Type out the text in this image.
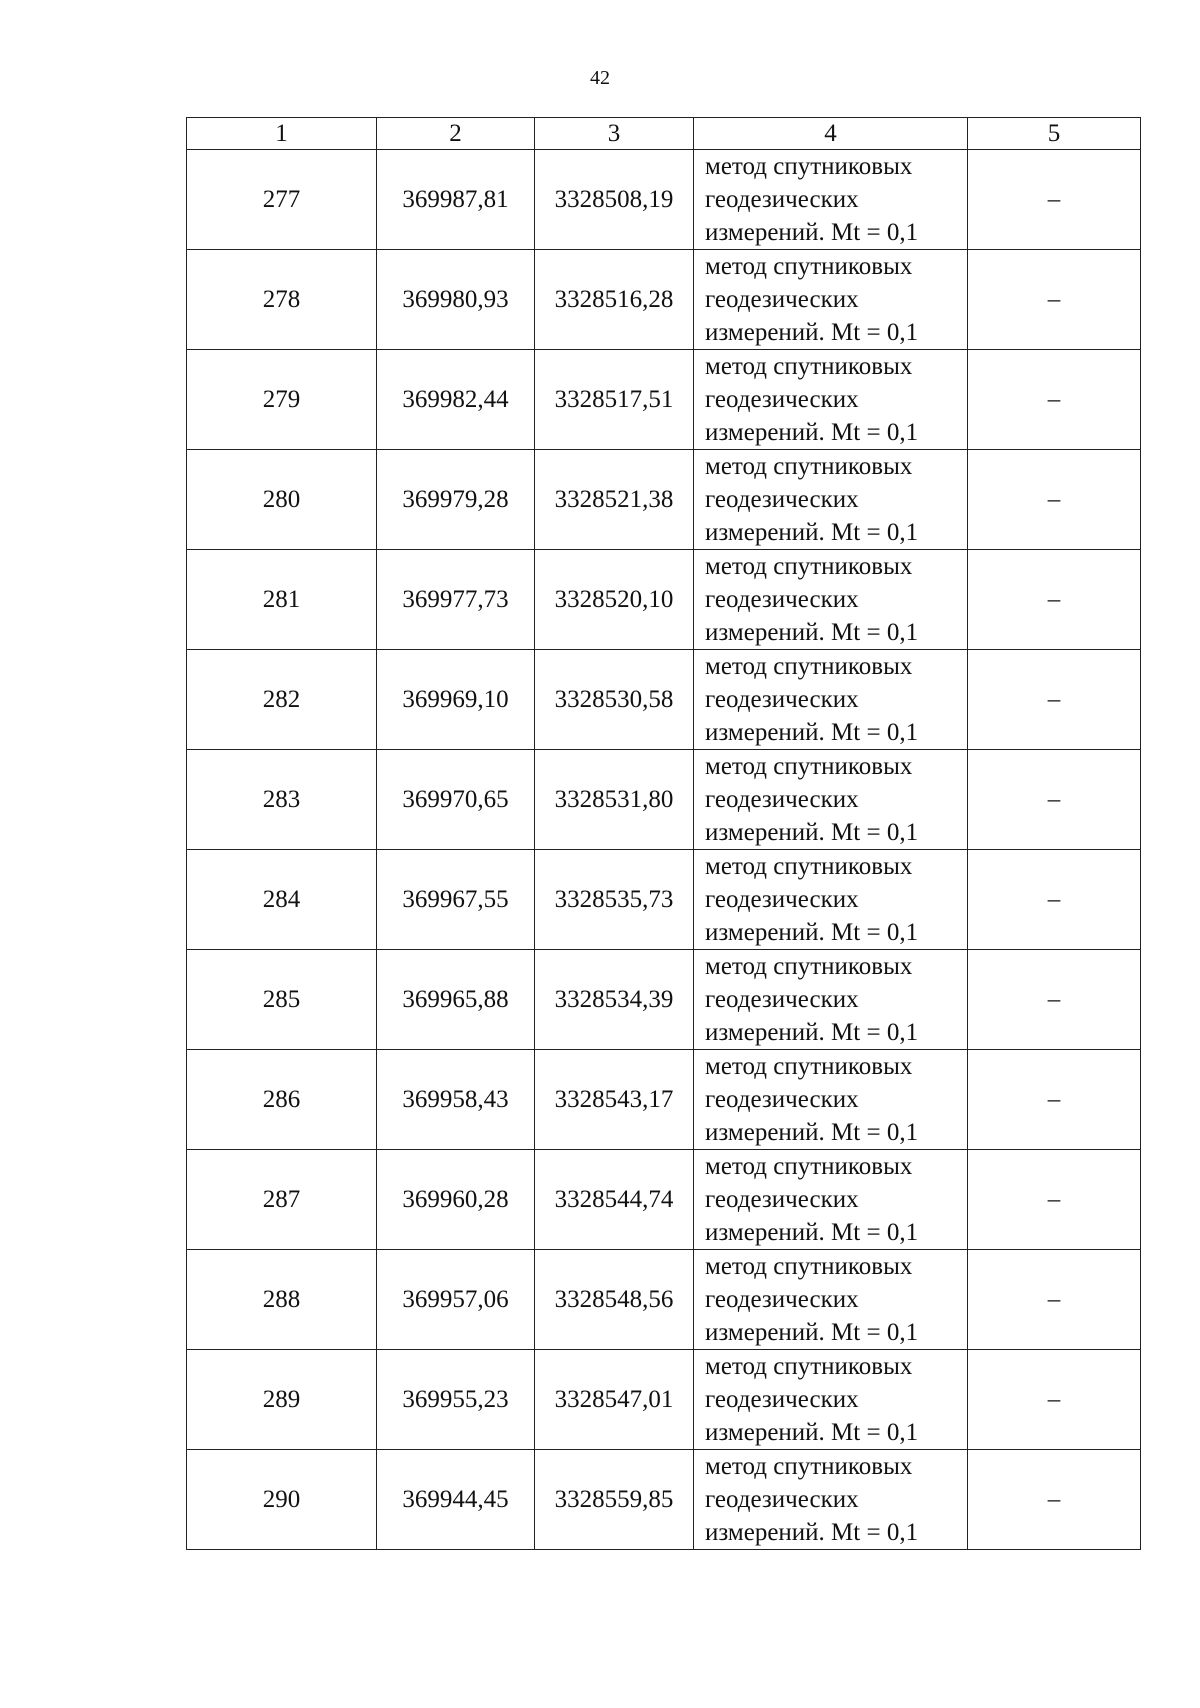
42
1	2	3	4	5
277	369987,81	3328508,19	метод спутниковых
геодезических
измерений. Mt = 0,1	–
278	369980,93	3328516,28	метод спутниковых
геодезических
измерений. Mt = 0,1	–
279	369982,44	3328517,51	метод спутниковых
геодезических
измерений. Mt = 0,1	–
280	369979,28	3328521,38	метод спутниковых
геодезических
измерений. Mt = 0,1	–
281	369977,73	3328520,10	метод спутниковых
геодезических
измерений. Mt = 0,1	–
282	369969,10	3328530,58	метод спутниковых
геодезических
измерений. Mt = 0,1	–
283	369970,65	3328531,80	метод спутниковых
геодезических
измерений. Mt = 0,1	–
284	369967,55	3328535,73	метод спутниковых
геодезических
измерений. Mt = 0,1	–
285	369965,88	3328534,39	метод спутниковых
геодезических
измерений. Mt = 0,1	–
286	369958,43	3328543,17	метод спутниковых
геодезических
измерений. Mt = 0,1	–
287	369960,28	3328544,74	метод спутниковых
геодезических
измерений. Mt = 0,1	–
288	369957,06	3328548,56	метод спутниковых
геодезических
измерений. Mt = 0,1	–
289	369955,23	3328547,01	метод спутниковых
геодезических
измерений. Mt = 0,1	–
290	369944,45	3328559,85	метод спутниковых
геодезических
измерений. Mt = 0,1	–
